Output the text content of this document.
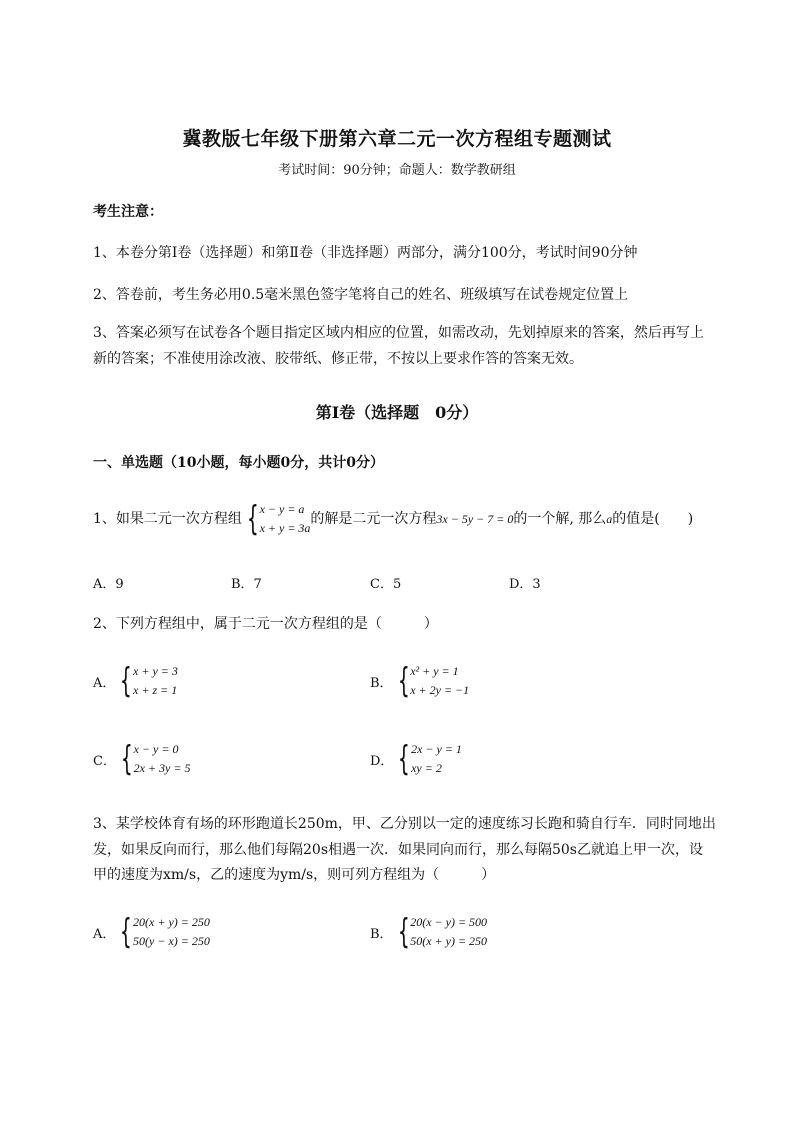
冀教版七年级下册第六章二元一次方程组专题测试
考试时间：90分钟；命题人：数学教研组
考生注意：
1、本卷分第Ⅰ卷（选择题）和第Ⅱ卷（非选择题）两部分，满分100分，考试时间90分钟
2、答卷前，考生务必用0.5毫米黑色签字笔将自己的姓名、班级填写在试卷规定位置上
3、答案必须写在试卷各个题目指定区域内相应的位置，如需改动，先划掉原来的答案，然后再写上新的答案；不准使用涂改液、胶带纸、修正带，不按以上要求作答的答案无效。
第Ⅰ卷（选择题　0分）
一、单选题（10小题，每小题0分，共计0分）
1、如果二元一次方程组 { x − y = a
x + y = 3a
的解是二元一次方程3x − 5y − 7 = 0的一个解, 那么a的值是(　　)
A．9	B．7	C．5	D．3
2、下列方程组中，属于二元一次方程组的是（　　　）
A． { x + y = 3
x + z = 1	B． { x² + y = 1
x + 2y = −1
C． { x − y = 0
2x + 3y = 5	D． { 2x − y = 1
xy = 2
3、某学校体育有场的环形跑道长250m，甲、乙分别以一定的速度练习长跑和骑自行车．同时同地出
发，如果反向而行，那么他们每隔20s相遇一次．如果同向而行，那么每隔50s乙就追上甲一次，设
甲的速度为xm/s，乙的速度为ym/s，则可列方程组为（　　　）
A． { 20(x + y) = 250
50(y − x) = 250	B． { 20(x − y) = 500
50(x + y) = 250
